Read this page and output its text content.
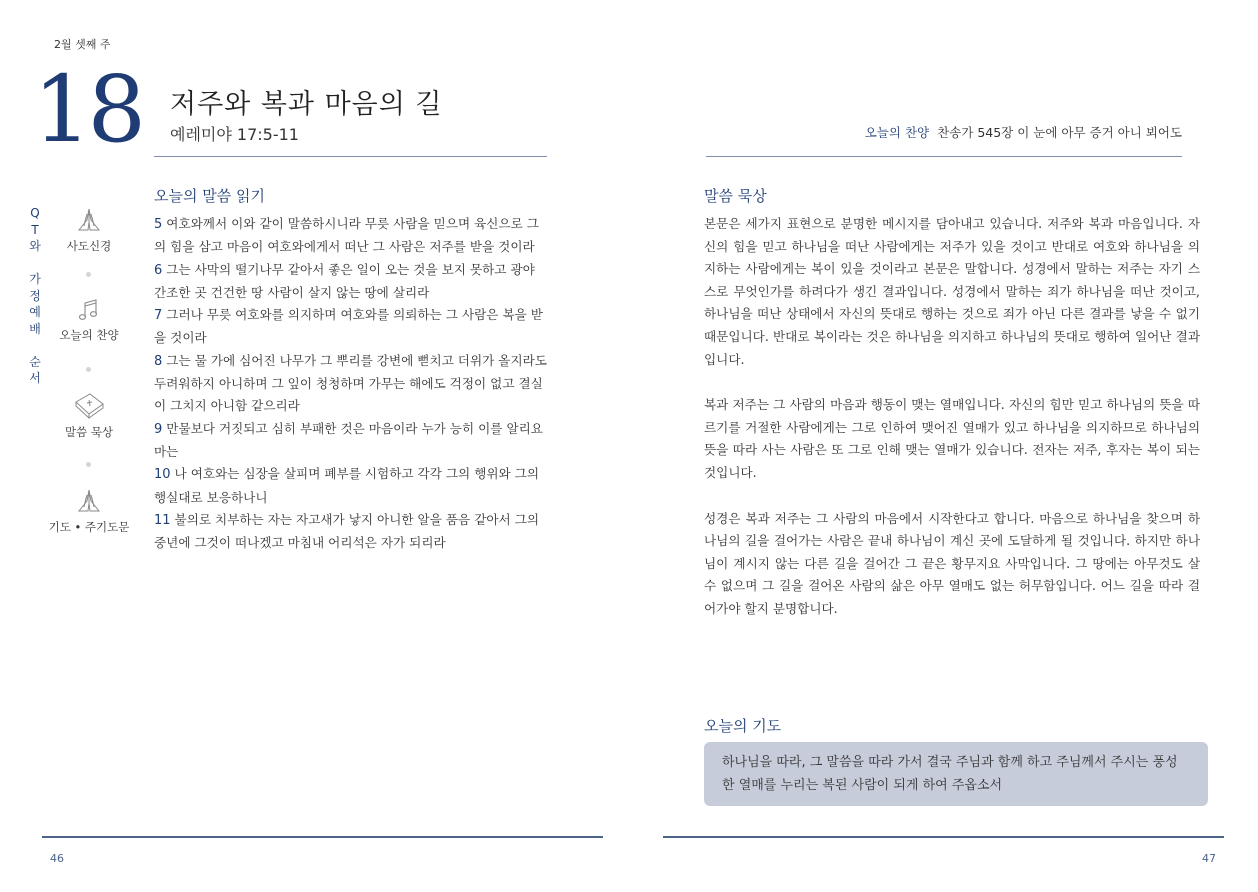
2월 셋째 주
18 저주와 복과 마음의 길
예레미야 17:5-11
Q
T
와

가
정
예
배

순
서
사도신경
오늘의 찬양
말씀 묵상
기도 • 주기도문
오늘의 말씀 읽기
5 여호와께서 이와 같이 말씀하시니라 무릇 사람을 믿으며 육신으로 그의 힘을 삼고 마음이 여호와에게서 떠난 그 사람은 저주를 받을 것이라
6 그는 사막의 떨기나무 같아서 좋은 일이 오는 것을 보지 못하고 광야 간조한 곳 건건한 땅 사람이 살지 않는 땅에 살리라
7 그러나 무릇 여호와를 의지하며 여호와를 의뢰하는 그 사람은 복을 받을 것이라
8 그는 물 가에 심어진 나무가 그 뿌리를 강변에 뻗치고 더위가 올지라도 두려워하지 아니하며 그 잎이 청청하며 가무는 해에도 걱정이 없고 결실이 그치지 아니함 같으리라
9 만물보다 거짓되고 심히 부패한 것은 마음이라 누가 능히 이를 알리요마는
10 나 여호와는 심장을 살피며 폐부를 시험하고 각각 그의 행위와 그의 행실대로 보응하나니
11 불의로 치부하는 자는 자고새가 낳지 아니한 알을 품음 같아서 그의 중년에 그것이 떠나겠고 마침내 어리석은 자가 되리라
46
오늘의 찬양 찬송가 545장 이 눈에 아무 증거 아니 뵈어도
말씀 묵상

본문은 세가지 표현으로 분명한 메시지를 담아내고 있습니다. 저주와 복과 마음입니다. 자신의 힘을 믿고 하나님을 떠난 사람에게는 저주가 있을 것이고 반대로 여호와 하나님을 의지하는 사람에게는 복이 있을 것이라고 본문은 말합니다. 성경에서 말하는 저주는 자기 스스로 무엇인가를 하려다가 생긴 결과입니다. 성경에서 말하는 죄가 하나님을 떠난 것이고, 하나님을 떠난 상태에서 자신의 뜻대로 행하는 것으로 죄가 아닌 다른 결과를 낳을 수 없기 때문입니다. 반대로 복이라는 것은 하나님을 의지하고 하나님의 뜻대로 행하여 일어난 결과입니다.

복과 저주는 그 사람의 마음과 행동이 맺는 열매입니다. 자신의 힘만 믿고 하나님의 뜻을 따르기를 거절한 사람에게는 그로 인하여 맺어진 열매가 있고 하나님을 의지하므로 하나님의 뜻을 따라 사는 사람은 또 그로 인해 맺는 열매가 있습니다. 전자는 저주, 후자는 복이 되는 것입니다.

성경은 복과 저주는 그 사람의 마음에서 시작한다고 합니다. 마음으로 하나님을 찾으며 하나님의 길을 걸어가는 사람은 끝내 하나님이 계신 곳에 도달하게 될 것입니다. 하지만 하나님이 계시지 않는 다른 길을 걸어간 그 끝은 황무지요 사막입니다. 그 땅에는 아무것도 살 수 없으며 그 길을 걸어온 사람의 삶은 아무 열매도 없는 허무함입니다. 어느 길을 따라 걸어가야 할지 분명합니다.

오늘의 기도
하나님을 따라, 그 말씀을 따라 가서 결국 주님과 함께 하고 주님께서 주시는 풍성한 열매를 누리는 복된 사람이 되게 하여 주옵소서
47
